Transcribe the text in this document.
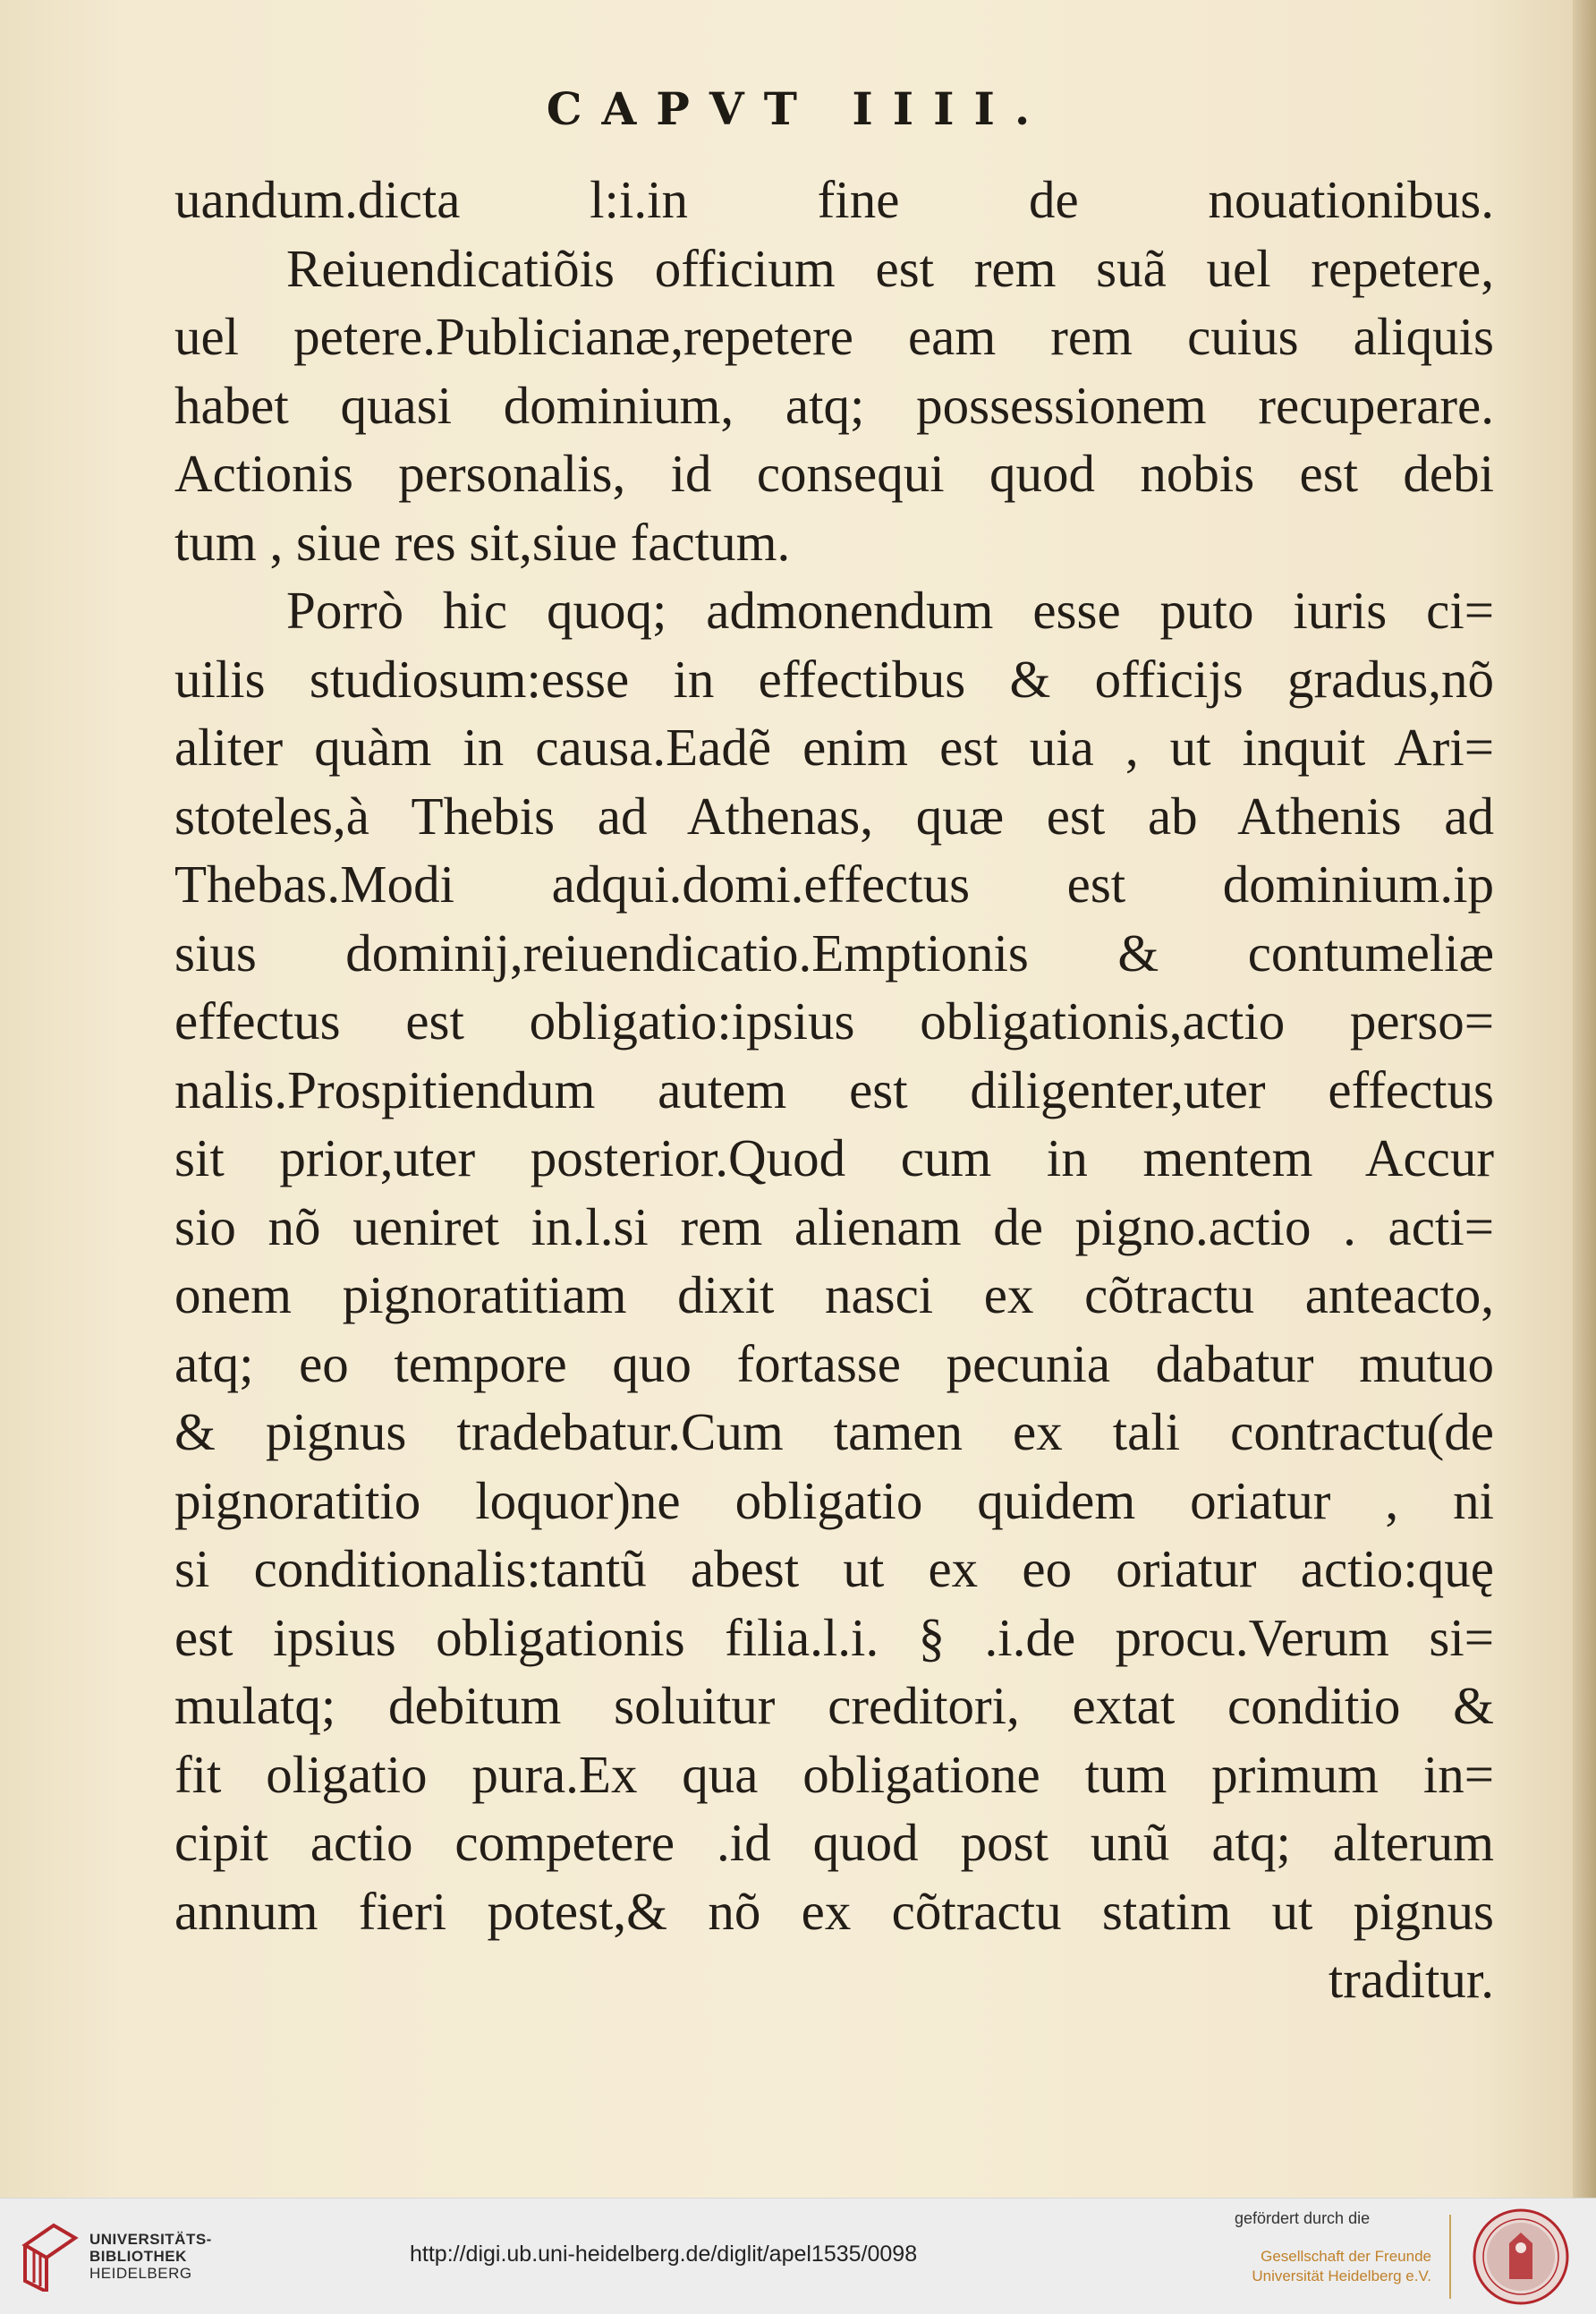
CAPVT IIII.
uandum.dicta l:i.in fine de nouationibus.
Reiuendicatiõis officium est rem suã uel repetere,
uel petere.Publicianæ,repetere eam rem cuius aliquis
habet quasi dominium, atq; possessionem recuperare.
Actionis personalis, id consequi quod nobis est debi
tum , siue res sit,siue factum.
Porrò hic quoq; admonendum esse puto iuris ci=
uilis studiosum:esse in effectibus & officijs gradus,nõ
aliter quàm in causa.Eadẽ enim est uia , ut inquit Ari=
stoteles,à Thebis ad Athenas, quæ est ab Athenis ad
Thebas.Modi adqui.domi.effectus est dominium.ip
sius dominij,reiuendicatio.Emptionis & contumeliæ
effectus est obligatio:ipsius obligationis,actio perso=
nalis.Prospitiendum autem est diligenter,uter effectus
sit prior,uter posterior.Quod cum in mentem Accur
sio nõ ueniret in.l.si rem alienam de pigno.actio . acti=
onem pignoratitiam dixit nasci ex cõtractu anteacto,
atq; eo tempore quo fortasse pecunia dabatur mutuo
& pignus tradebatur.Cum tamen ex tali contractu(de
pignoratitio loquor)ne obligatio quidem oriatur , ni
si conditionalis:tantũ abest ut ex eo oriatur actio:quę
est ipsius obligationis filia.l.i. § .i.de procu.Verum si=
mulatq; debitum soluitur creditori, extat conditio &
fit oligatio pura.Ex qua obligatione tum primum in=
cipit actio competere .id quod post unũ atq; alterum
annum fieri potest,& nõ ex cõtractu statim ut pignus
traditur.
UNIVERSITÄTS-
BIBLIOTHEK
HEIDELBERG
http://digi.ub.uni-heidelberg.de/diglit/apel1535/0098
gefördert durch die
Gesellschaft der Freunde
Universität Heidelberg e.V.
